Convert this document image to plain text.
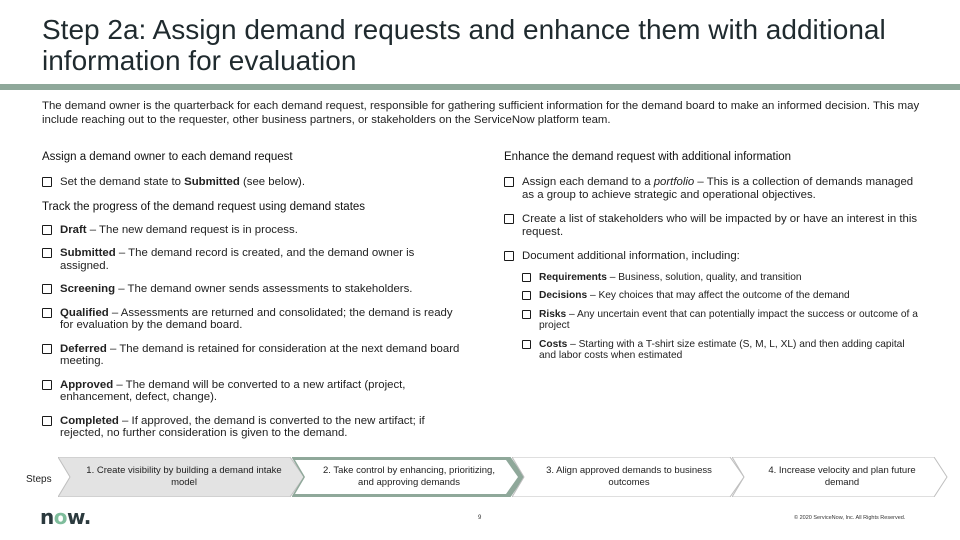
Step 2a: Assign demand requests and enhance them with additional information for evaluation
The demand owner is the quarterback for each demand request, responsible for gathering sufficient information for the demand board to make an informed decision. This may include reaching out to the requester, other business partners, or stakeholders on the ServiceNow platform team.
Assign a demand owner to each demand request
Set the demand state to Submitted (see below).
Track the progress of the demand request using demand states
Draft – The new demand request is in process.
Submitted – The demand record is created, and the demand owner is assigned.
Screening – The demand owner sends assessments to stakeholders.
Qualified – Assessments are returned and consolidated; the demand is ready for evaluation by the demand board.
Deferred – The demand is retained for consideration at the next demand board meeting.
Approved – The demand will be converted to a new artifact (project, enhancement, defect, change).
Completed – If approved, the demand is converted to the new artifact; if rejected, no further consideration is given to the demand.
Enhance the demand request with additional information
Assign each demand to a portfolio – This is a collection of demands managed as a group to achieve strategic and operational objectives.
Create a list of stakeholders who will be impacted by or have an interest in this request.
Document additional information, including:
Requirements – Business, solution, quality, and transition
Decisions – Key choices that may affect the outcome of the demand
Risks – Any uncertain event that can potentially impact the success or outcome of a project
Costs – Starting with a T-shirt size estimate (S, M, L, XL) and then adding capital and labor costs when estimated
Steps
1. Create visibility by building a demand intake model
2. Take control by enhancing, prioritizing, and approving demands
3. Align approved demands to business outcomes
4. Increase velocity and plan future demand
now.	9	© 2020 ServiceNow, Inc. All Rights Reserved.
